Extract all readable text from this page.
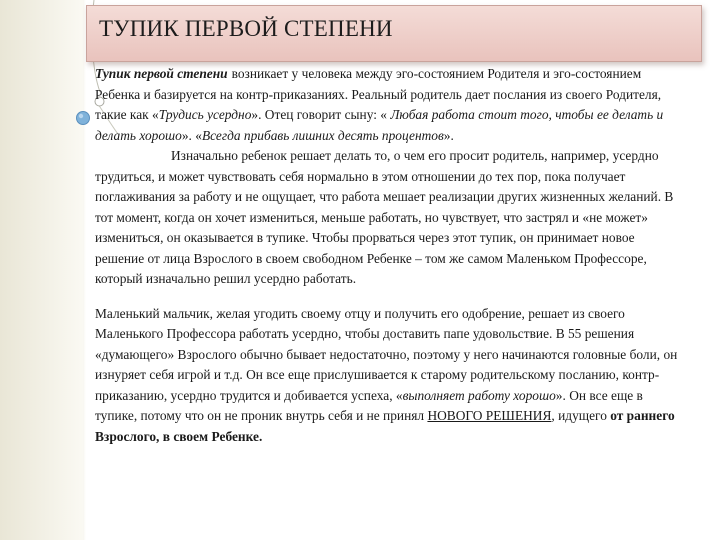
ТУПИК ПЕРВОЙ СТЕПЕНИ

Тупик первой степени возникает у человека между эго-состоянием Родителя и эго-состоянием Ребенка и базируется на контр-приказаниях. Реальный родитель дает послания из своего Родителя, такие как «Трудись усердно». Отец говорит сыну: « Любая работа стоит того, чтобы ее делать и делать хорошо». «Всегда прибавь лишних десять процентов».
Изначально ребенок решает делать то, о чем его просит родитель, например, усердно трудиться, и может чувствовать себя нормально в этом отношении до тех пор, пока получает поглаживания за работу и не ощущает, что работа мешает реализации других жизненных желаний. В тот момент, когда он хочет измениться, меньше работать, но чувствует, что застрял и «не может» измениться, он оказывается в тупике. Чтобы прорваться через этот тупик, он принимает новое решение от лица Взрослого в своем свободном Ребенке – том же самом Маленьком Профессоре, который изначально решил усердно работать.

Маленький мальчик, желая угодить своему отцу и получить его одобрение, решает из своего Маленького Профессора работать усердно, чтобы доставить папе удовольствие. В 55 решения «думающего» Взрослого обычно бывает недостаточно, поэтому у него начинаются головные боли, он изнуряет себя игрой и т.д. Он все еще прислушивается к старому родительскому посланию, контр-приказанию, усердно трудится и добивается успеха, «выполняет работу хорошо». Он все еще в тупике, потому что он не проник внутрь себя и не принял НОВОГО РЕШЕНИЯ, идущего от раннего Взрослого, в своем Ребенке.
